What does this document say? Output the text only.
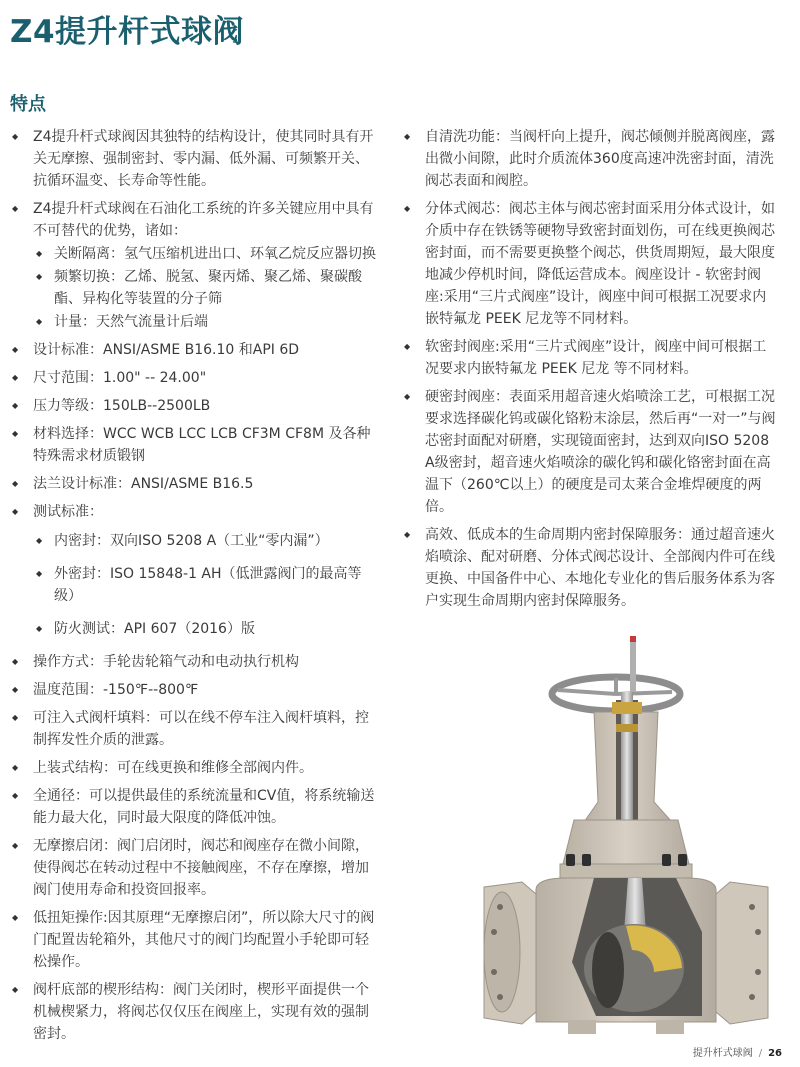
Z4提升杆式球阀
特点
◆ Z4提升杆式球阀因其独特的结构设计，使其同时具有开关无摩擦、强制密封、零内漏、低外漏、可频繁开关、抗循环温变、长寿命等性能。
◆ Z4提升杆式球阀在石油化工系统的许多关键应用中具有不可替代的优势，诸如：
◆ 关断隔离：氢气压缩机进出口、环氧乙烷反应器切换
◆ 频繁切换：乙烯、脱氢、聚丙烯、聚乙烯、聚碳酸酯、异构化等装置的分子筛
◆ 计量：天然气流量计后端
◆ 设计标准：ANSI/ASME B16.10 和API 6D
◆ 尺寸范围：1.00" -- 24.00"
◆ 压力等级：150LB--2500LB
◆ 材料选择：WCC WCB LCC LCB CF3M CF8M 及各种特殊需求材质锻钢
◆ 法兰设计标准：ANSI/ASME B16.5
◆ 测试标准：
◆ 内密封：双向ISO 5208 A（工业“零内漏”）
◆ 外密封：ISO 15848-1 AH（低泄露阀门的最高等级）
◆ 防火测试：API 607（2016）版
◆ 操作方式：手轮齿轮箱气动和电动执行机构
◆ 温度范围：-150℉--800℉
◆ 可注入式阀杆填料：可以在线不停车注入阀杆填料，控制挥发性介质的泄露。
◆ 上装式结构：可在线更换和维修全部阀内件。
◆ 全通径：可以提供最佳的系统流量和CV值，将系统输送能力最大化，同时最大限度的降低冲蚀。
◆ 无摩擦启闭：阀门启闭时，阀芯和阀座存在微小间隙，使得阀芯在转动过程中不接触阀座，不存在摩擦，增加阀门使用寿命和投资回报率。
◆ 低扭矩操作:因其原理“无摩擦启闭”，所以除大尺寸的阀门配置齿轮箱外，其他尺寸的阀门均配置小手轮即可轻松操作。
◆ 阀杆底部的楔形结构：阀门关闭时，楔形平面提供一个机械楔紧力，将阀芯仅仅压在阀座上，实现有效的强制密封。
◆ 自清洗功能：当阀杆向上提升，阀芯倾侧并脱离阀座，露出微小间隙，此时介质流体360度高速冲洗密封面，清洗阀芯表面和阀腔。
◆ 分体式阀芯：阀芯主体与阀芯密封面采用分体式设计，如介质中存在铁锈等硬物导致密封面划伤，可在线更换阀芯密封面，而不需要更换整个阀芯，供货周期短，最大限度地减少停机时间，降低运营成本。阀座设计 - 软密封阀座:采用“三片式阀座”设计，阀座中间可根据工况要求内嵌特氟龙 PEEK 尼龙等不同材料。
◆ 软密封阀座:采用“三片式阀座”设计，阀座中间可根据工况要求内嵌特氟龙 PEEK 尼龙 等不同材料。
◆ 硬密封阀座：表面采用超音速火焰喷涂工艺，可根据工况要求选择碳化钨或碳化铬粉末涂层，然后再“一对一”与阀芯密封面配对研磨，实现镜面密封，达到双向ISO 5208 A级密封，超音速火焰喷涂的碳化钨和碳化铬密封面在高温下（260℃以上）的硬度是司太莱合金堆焊硬度的两倍。
◆ 高效、低成本的生命周期内密封保障服务：通过超音速火焰喷涂、配对研磨、分体式阀芯设计、全部阀内件可在线更换、中国备件中心、本地化专业化的售后服务体系为客户实现生命周期内密封保障服务。
提升杆式球阀 / 26
